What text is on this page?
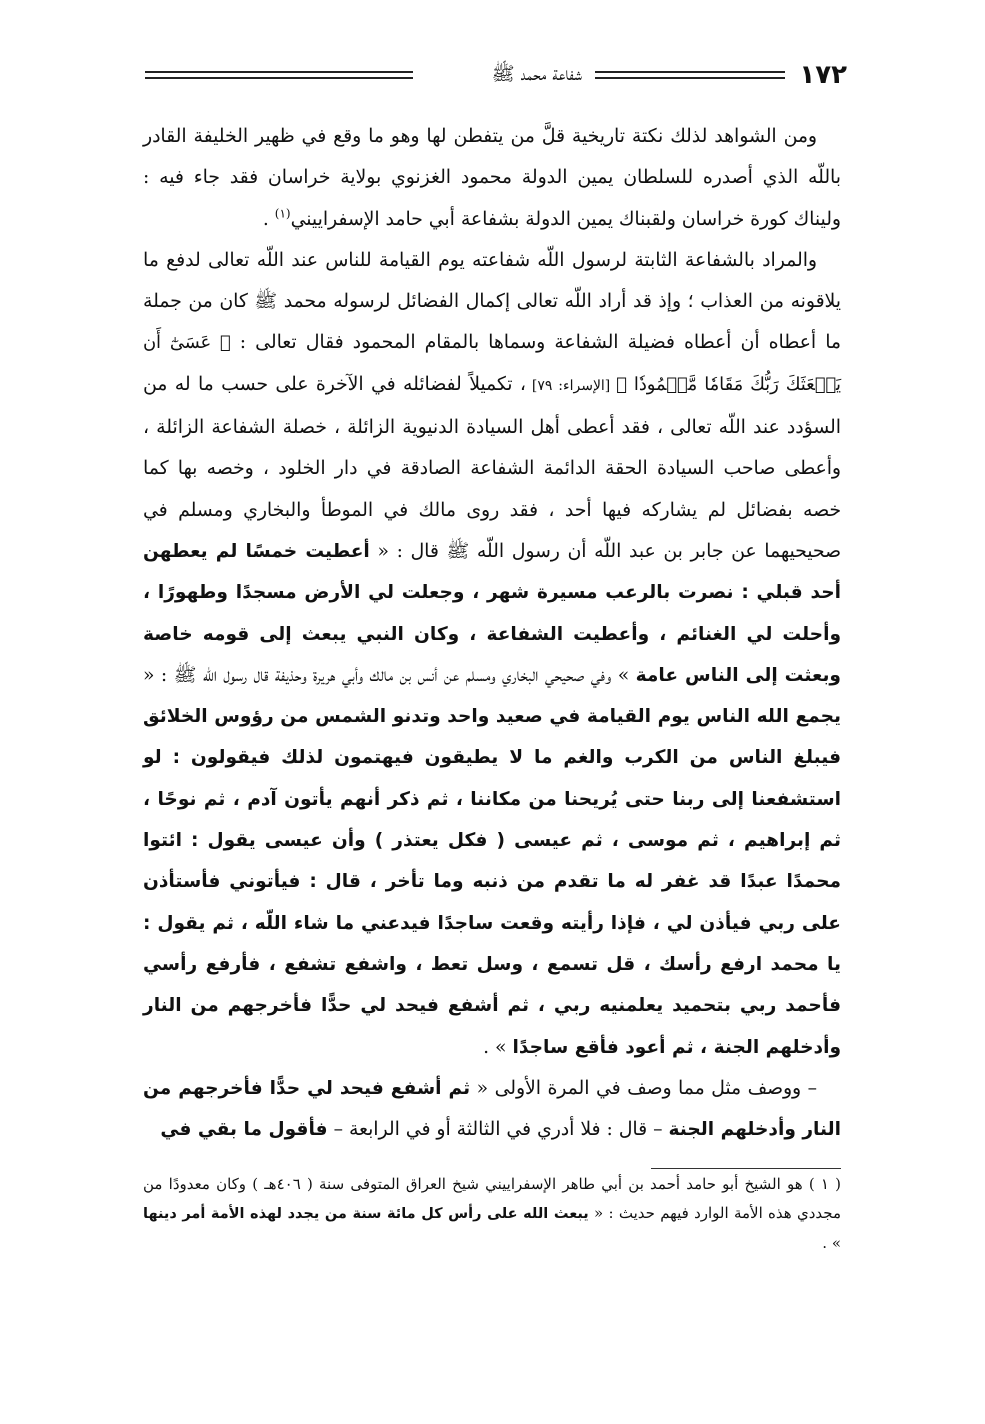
١٧٢
شفاعة محمد ﷺ

ومن الشواهد لذلك نكتة تاريخية قلَّ من يتفطن لها وهو ما وقع في ظهير الخليفة القادر باللّه الذي أصدره للسلطان يمين الدولة محمود الغزنوي بولاية خراسان فقد جاء فيه : وليناك كورة خراسان ولقبناك يمين الدولة بشفاعة أبي حامد الإسفراييني$^{(١)}$ .

والمراد بالشفاعة الثابتة لرسول اللّه شفاعته يوم القيامة للناس عند اللّه تعالى لدفع ما يلاقونه من العذاب ؛ وإذ قد أراد اللّه تعالى إكمال الفضائل لرسوله محمد ﷺ كان من جملة ما أعطاه أن أعطاه فضيلة الشفاعة وسماها بالمقام المحمود فقال تعالى : ﴿ عَسَىٰٓ أَن يَبۡعَثَكَ رَبُّكَ مَقَامٗا مَّحۡمُودٗا ﴾ [الإسراء: ٧٩] ، تكميلاً لفضائله في الآخرة على حسب ما له من السؤدد عند اللّه تعالى ، فقد أعطى أهل السيادة الدنيوية الزائلة ، خصلة الشفاعة الزائلة ، وأعطى صاحب السيادة الحقة الدائمة الشفاعة الصادقة في دار الخلود ، وخصه بها كما خصه بفضائل لم يشاركه فيها أحد ، فقد روى مالك في الموطأ والبخاري ومسلم في صحيحيهما عن جابر بن عبد اللّه أن رسول اللّه ﷺ قال : « أعطيت خمسًا لم يعطهن أحد قبلي : نصرت بالرعب مسيرة شهر ، وجعلت لي الأرض مسجدًا وطهورًا ، وأحلت لي الغنائم ، وأعطيت الشفاعة ، وكان النبي يبعث إلى قومه خاصة وبعثت إلى الناس عامة » وفي صحيحي البخاري ومسلم عن أنس بن مالك وأبي هريرة وحذيفة قال رسول الله ﷺ : « يجمع الله الناس يوم القيامة في صعيد واحد وتدنو الشمس من رؤوس الخلائق فيبلغ الناس من الكرب والغم ما لا يطيقون فيهتمون لذلك فيقولون : لو استشفعنا إلى ربنا حتى يُريحنا من مكاننا ، ثم ذكر أنهم يأتون آدم ، ثم نوحًا ، ثم إبراهيم ، ثم موسى ، ثم عيسى ( فكل يعتذر ) وأن عيسى يقول : ائتوا محمدًا عبدًا قد غفر له ما تقدم من ذنبه وما تأخر ، قال : فيأتوني فأستأذن على ربي فيأذن لي ، فإذا رأيته وقعت ساجدًا فيدعني ما شاء اللّه ، ثم يقول : يا محمد ارفع رأسك ، قل تسمع ، وسل تعط ، واشفع تشفع ، فأرفع رأسي فأحمد ربي بتحميد يعلمنيه ربي ، ثم أشفع فيحد لي حدًّا فأخرجهم من النار وأدخلهم الجنة ، ثم أعود فأقع ساجدًا » .

– ووصف مثل مما وصف في المرة الأولى « ثم أشفع فيحد لي حدًّا فأخرجهم من النار وأدخلهم الجنة – قال : فلا أدري في الثالثة أو في الرابعة – فأقول ما بقي في

( ١ ) هو الشيخ أبو حامد أحمد بن أبي طاهر الإسفراييني شيخ العراق المتوفى سنة ( ٤٠٦هـ ) وكان معدودًا من مجددي هذه الأمة الوارد فيهم حديث : « يبعث الله على رأس كل مائة سنة من يجدد لهذه الأمة أمر دينها » .
